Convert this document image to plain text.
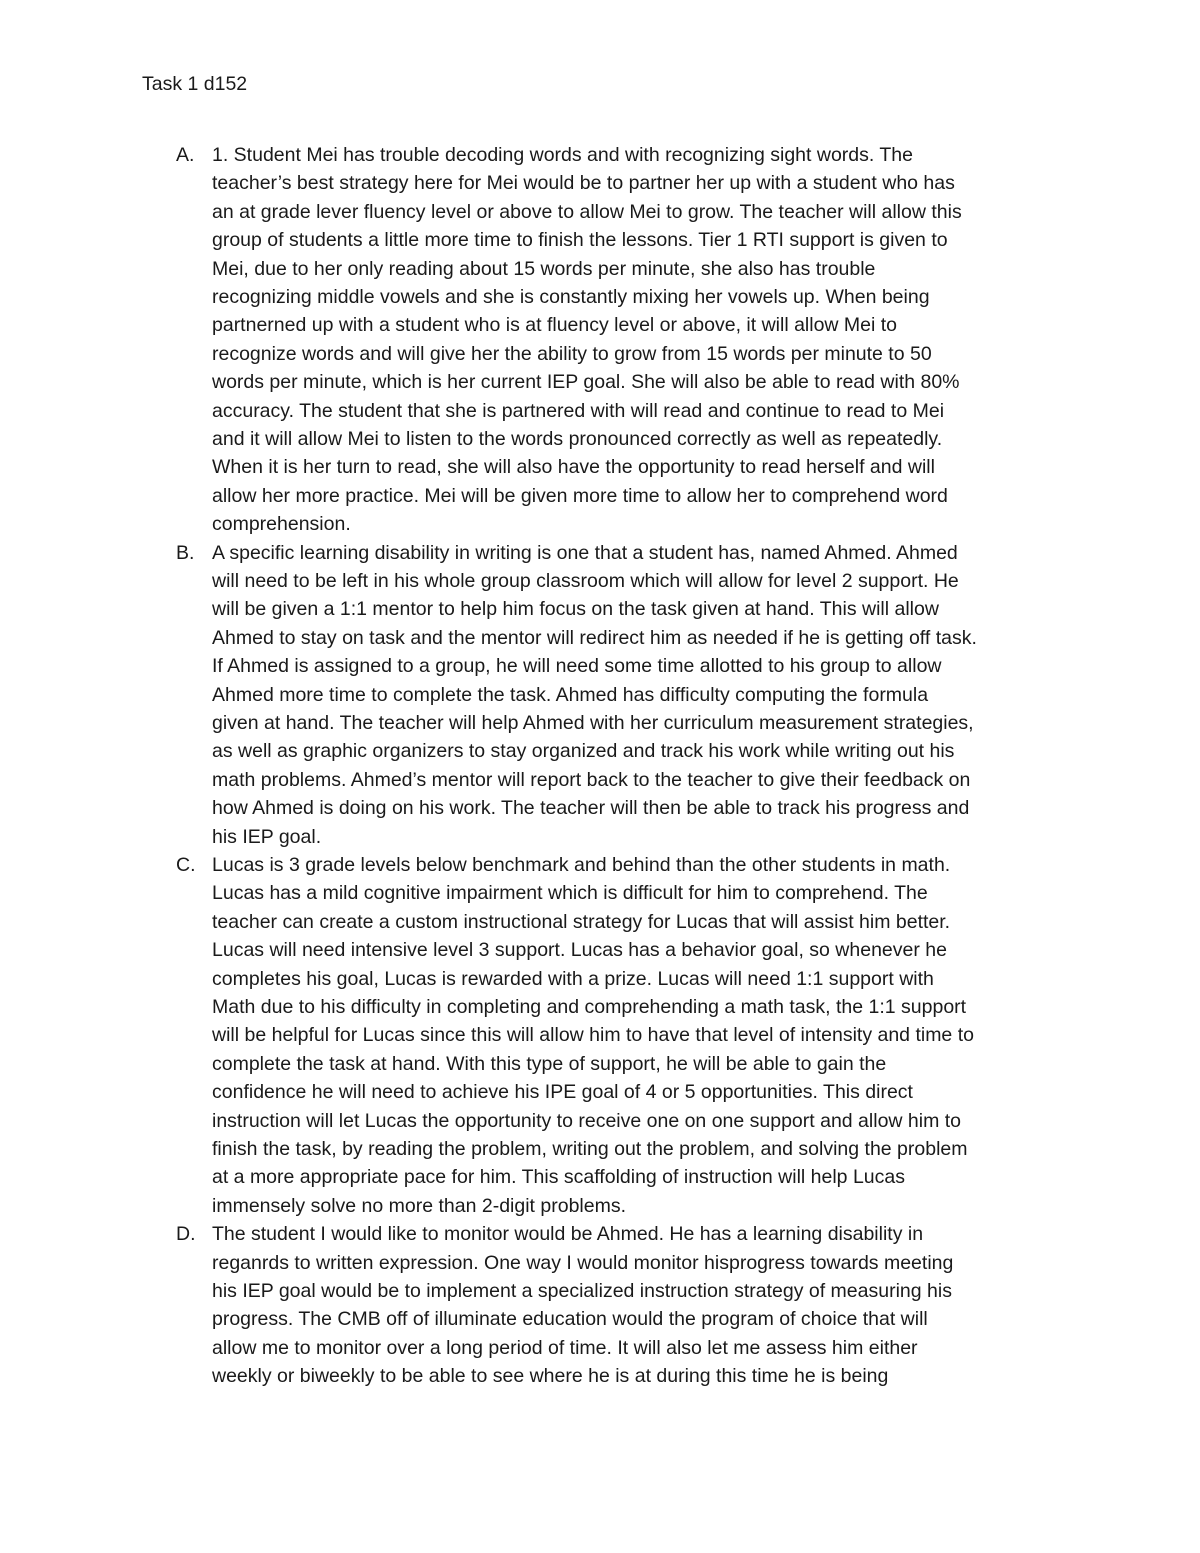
Task 1 d152
A. 1. Student Mei has trouble decoding words and with recognizing sight words. The
teacher’s best strategy here for Mei would be to partner her up with a student who has
an at grade lever fluency level or above to allow Mei to grow. The teacher will allow this
group of students a little more time to finish the lessons. Tier 1 RTI support is given to
Mei, due to her only reading about 15 words per minute, she also has trouble
recognizing middle vowels and she is constantly mixing her vowels up. When being
partnerned up with a student who is at fluency level or above, it will allow Mei to
recognize words and will give her the ability to grow from 15 words per minute to 50
words per minute, which is her current IEP goal. She will also be able to read with 80%
accuracy. The student that she is partnered with will read and continue to read to Mei
and it will allow Mei to listen to the words pronounced correctly as well as repeatedly.
When it is her turn to read, she will also have the opportunity to read herself and will
allow her more practice. Mei will be given more time to allow her to comprehend word
comprehension.
B. A specific learning disability in writing is one that a student has, named Ahmed. Ahmed
will need to be left in his whole group classroom which will allow for level 2 support. He
will be given a 1:1 mentor to help him focus on the task given at hand. This will allow
Ahmed to stay on task and the mentor will redirect him as needed if he is getting off task.
If Ahmed is assigned to a group, he will need some time allotted to his group to allow
Ahmed more time to complete the task. Ahmed has difficulty computing the formula
given at hand. The teacher will help Ahmed with her curriculum measurement strategies,
as well as graphic organizers to stay organized and track his work while writing out his
math problems. Ahmed’s mentor will report back to the teacher to give their feedback on
how Ahmed is doing on his work. The teacher will then be able to track his progress and
his IEP goal.
C. Lucas is 3 grade levels below benchmark and behind than the other students in math.
Lucas has a mild cognitive impairment which is difficult for him to comprehend. The
teacher can create a custom instructional strategy for Lucas that will assist him better.
Lucas will need intensive level 3 support. Lucas has a behavior goal, so whenever he
completes his goal, Lucas is rewarded with a prize. Lucas will need 1:1 support with
Math due to his difficulty in completing and comprehending a math task, the 1:1 support
will be helpful for Lucas since this will allow him to have that level of intensity and time to
complete the task at hand. With this type of support, he will be able to gain the
confidence he will need to achieve his IPE goal of 4 or 5 opportunities. This direct
instruction will let Lucas the opportunity to receive one on one support and allow him to
finish the task, by reading the problem, writing out the problem, and solving the problem
at a more appropriate pace for him. This scaffolding of instruction will help Lucas
immensely solve no more than 2-digit problems.
D. The student I would like to monitor would be Ahmed. He has a learning disability in
reganrds to written expression. One way I would monitor hisprogress towards meeting
his IEP goal would be to implement a specialized instruction strategy of measuring his
progress. The CMB off of illuminate education would the program of choice that will
allow me to monitor over a long period of time. It will also let me assess him either
weekly or biweekly to be able to see where he is at during this time he is being
